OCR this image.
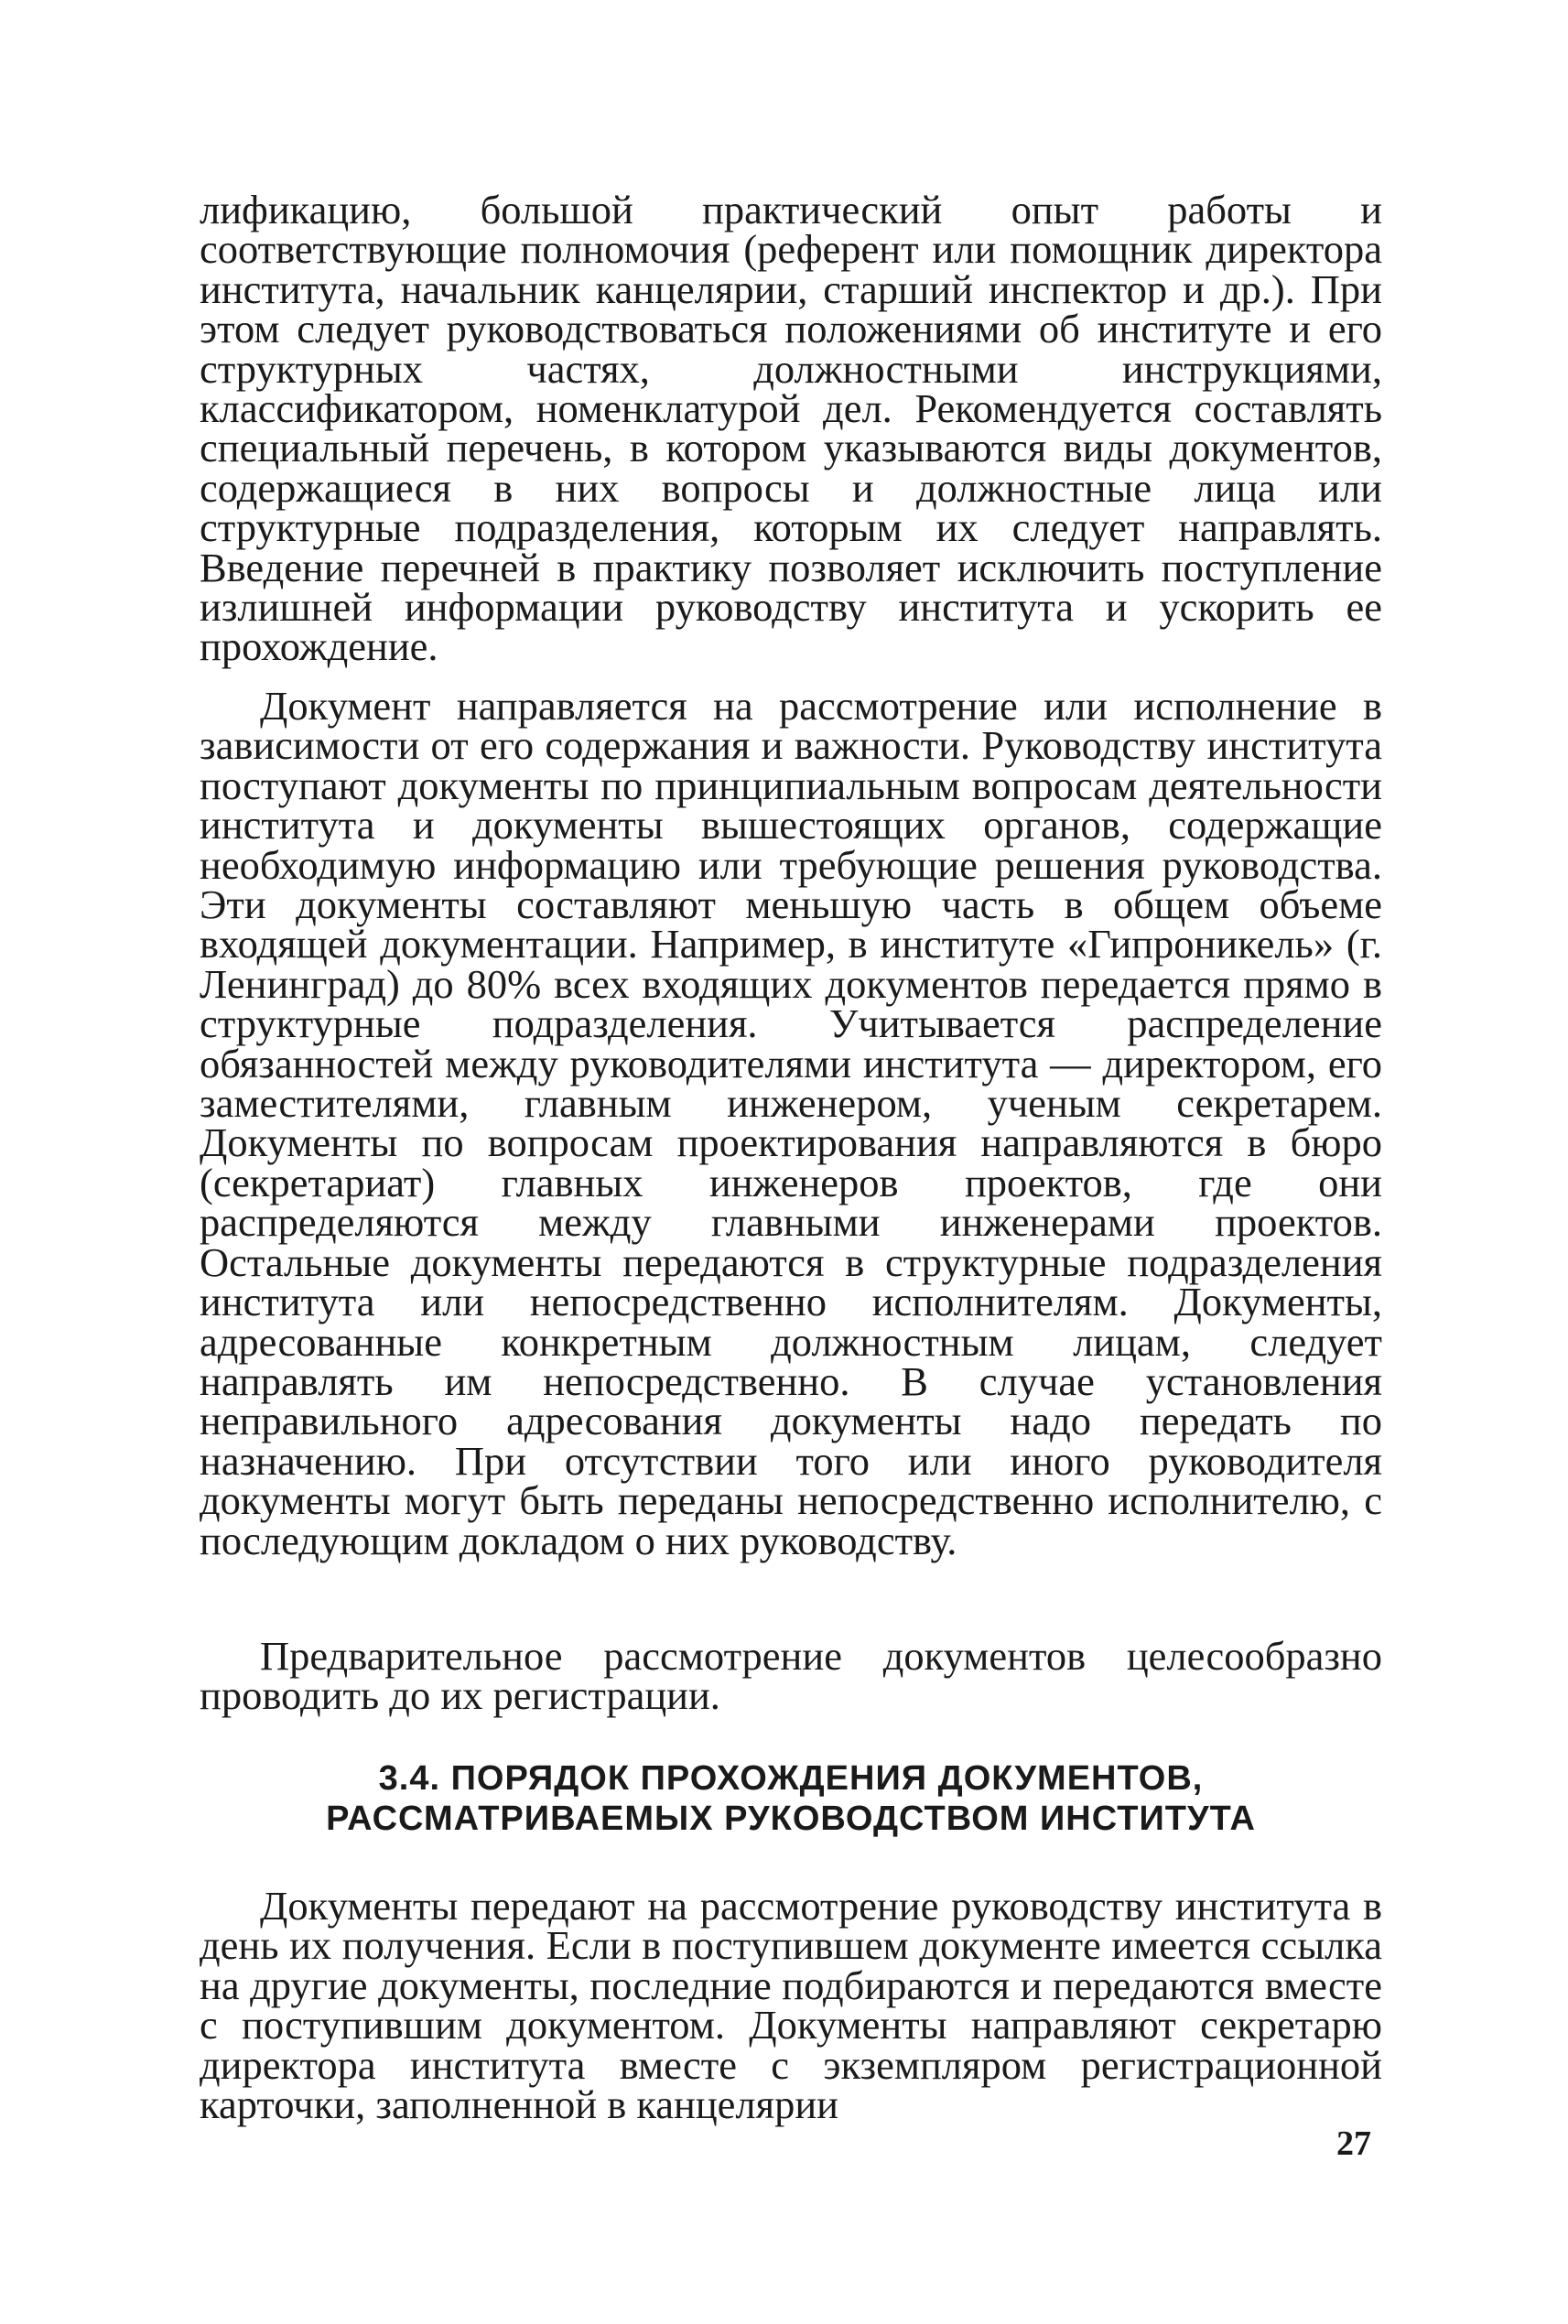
лификацию, большой практический опыт работы и соответствующие полномочия (референт или помощник директора института, начальник канцелярии, старший инспектор и др.). При этом следует руководствоваться положениями об институте и его структурных частях, должностными инструкциями, классификатором, номенклатурой дел. Рекомендуется составлять специальный перечень, в котором указываются виды документов, содержащиеся в них вопросы и должностные лица или структурные подразделения, которым их следует направлять. Введение перечней в практику позволяет исключить поступление излишней информации руководству института и ускорить ее прохождение.

Документ направляется на рассмотрение или исполнение в зависимости от его содержания и важности. Руководству института поступают документы по принципиальным вопросам деятельности института и документы вышестоящих органов, содержащие необходимую информацию или требующие решения руководства. Эти документы составляют меньшую часть в общем объеме входящей документации. Например, в институте «Гипроникель» (г. Ленинград) до 80% всех входящих документов передается прямо в структурные подразделения. Учитывается распределение обязанностей между руководителями института — директором, его заместителями, главным инженером, ученым секретарем. Документы по вопросам проектирования направляются в бюро (секретариат) главных инженеров проектов, где они распределяются между главными инженерами проектов. Остальные документы передаются в структурные подразделения института или непосредственно исполнителям. Документы, адресованные конкретным должностным лицам, следует направлять им непосредственно. В случае установления неправильного адресования документы надо передать по назначению. При отсутствии того или иного руководителя документы могут быть переданы непосредственно исполнителю, с последующим докладом о них руководству.

Предварительное рассмотрение документов целесообразно проводить до их регистрации.

3.4. ПОРЯДОК ПРОХОЖДЕНИЯ ДОКУМЕНТОВ,
РАССМАТРИВАЕМЫХ РУКОВОДСТВОМ ИНСТИТУТА

Документы передают на рассмотрение руководству института в день их получения. Если в поступившем документе имеется ссылка на другие документы, последние подбираются и передаются вместе с поступившим документом. Документы направляют секретарю директора института вместе с экземпляром регистрационной карточки, заполненной в канцелярии

27
